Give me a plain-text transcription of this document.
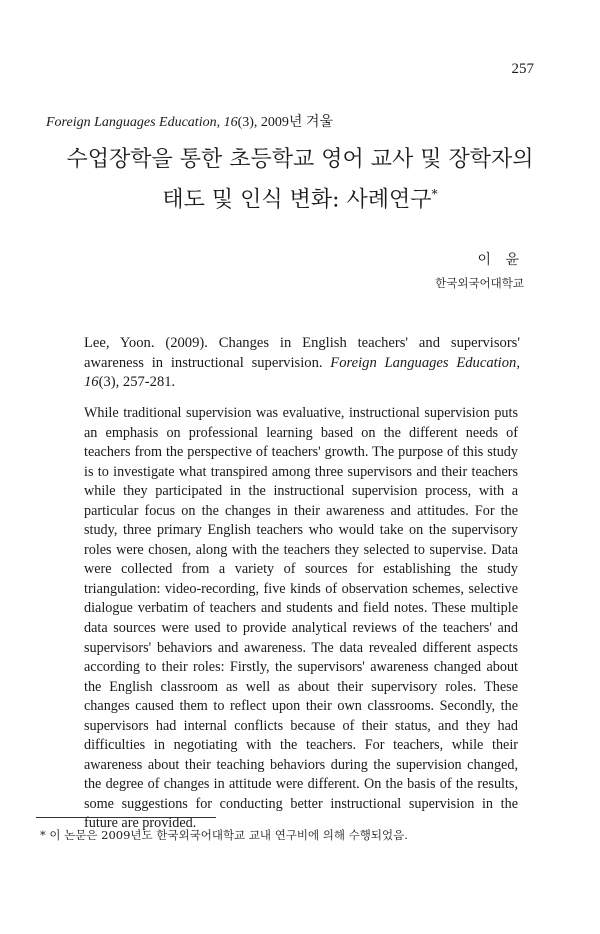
257
Foreign Languages Education, 16(3), 2009년 겨울
수업장학을 통한 초등학교 영어 교사 및 장학자의
태도 및 인식 변화: 사례연구*
이 윤
한국외국어대학교
Lee, Yoon. (2009). Changes in English teachers' and supervisors' awareness in instructional supervision. Foreign Languages Education, 16(3), 257-281.

While traditional supervision was evaluative, instructional supervision puts an emphasis on professional learning based on the different needs of teachers from the perspective of teachers' growth. The purpose of this study is to investigate what transpired among three supervisors and their teachers while they participated in the instructional supervision process, with a particular focus on the changes in their awareness and attitudes. For the study, three primary English teachers who would take on the supervisory roles were chosen, along with the teachers they selected to supervise. Data were collected from a variety of sources for establishing the study triangulation: video-recording, five kinds of observation schemes, selective dialogue verbatim of teachers and students and field notes. These multiple data sources were used to provide analytical reviews of the teachers' and supervisors' behaviors and awareness. The data revealed different aspects according to their roles: Firstly, the supervisors' awareness changed about the English classroom as well as about their supervisory roles. These changes caused them to reflect upon their own classrooms. Secondly, the supervisors had internal conflicts because of their status, and they had difficulties in negotiating with the teachers. For teachers, while their awareness about their teaching behaviors during the supervision changed, the degree of changes in attitude were different. On the basis of the results, some suggestions for conducting better instructional supervision in the future are provided.

* 이 논문은 2009년도 한국외국어대학교 교내 연구비에 의해 수행되었음.
